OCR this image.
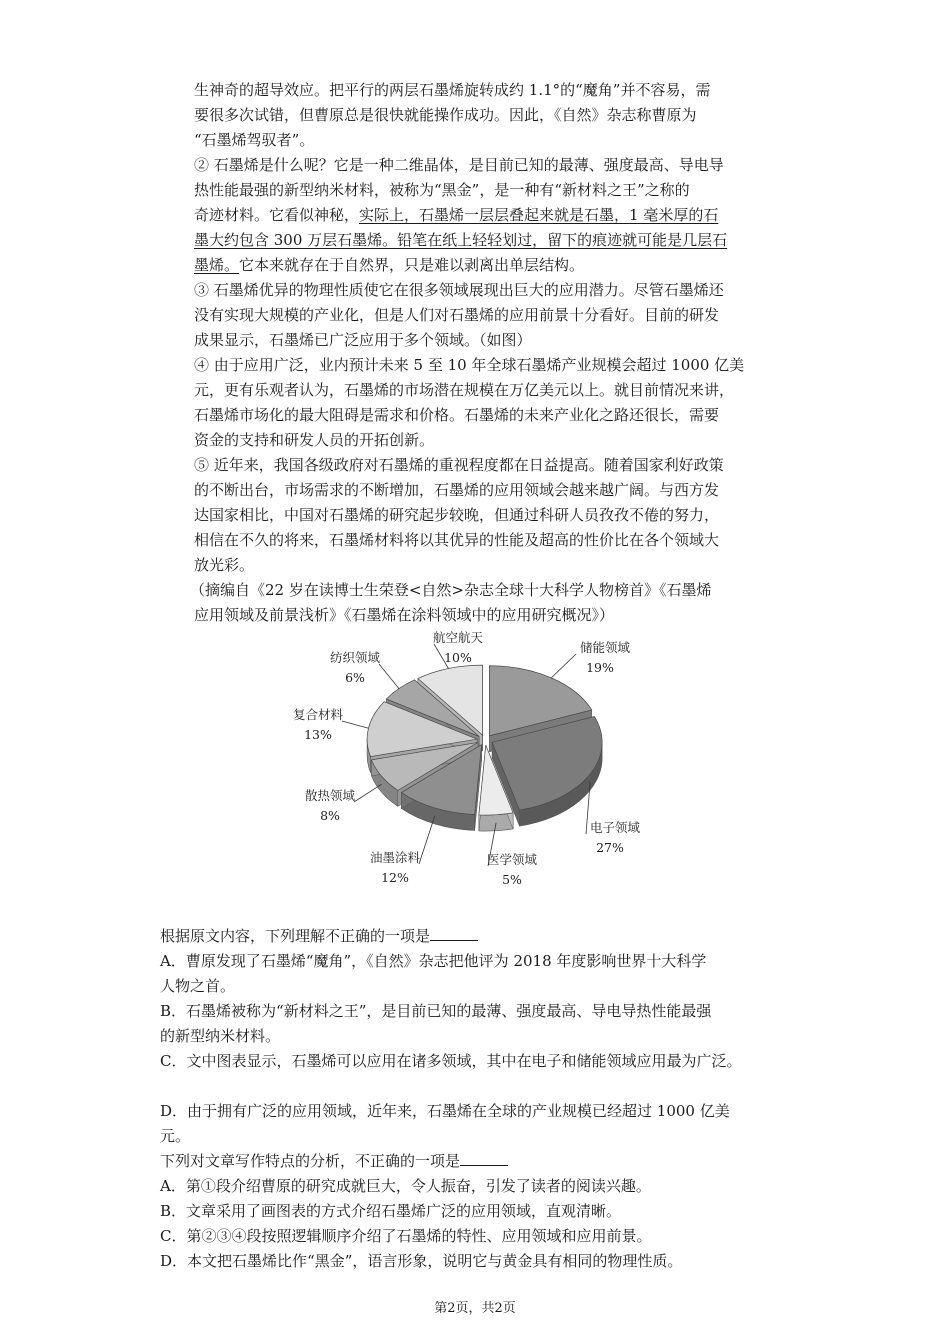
生神奇的超导效应。把平行的两层石墨烯旋转成约 1.1°的“魔角”并不容易，需
要很多次试错，但曹原总是很快就能操作成功。因此，《自然》杂志称曹原为
“石墨烯驾驭者”。
② 石墨烯是什么呢？它是一种二维晶体，是目前已知的最薄、强度最高、导电导
热性能最强的新型纳米材料，被称为“黑金”，是一种有“新材料之王”之称的
奇迹材料。它看似神秘，实际上，石墨烯一层层叠起来就是石墨，1 毫米厚的石
墨大约包含 300 万层石墨烯。铅笔在纸上轻轻划过，留下的痕迹就可能是几层石
墨烯。它本来就存在于自然界，只是难以剥离出单层结构。
③ 石墨烯优异的物理性质使它在很多领域展现出巨大的应用潜力。尽管石墨烯还
没有实现大规模的产业化，但是人们对石墨烯的应用前景十分看好。目前的研发
成果显示，石墨烯已广泛应用于多个领域。（如图）
④ 由于应用广泛，业内预计未来 5 至 10 年全球石墨烯产业规模会超过 1000 亿美
元，更有乐观者认为，石墨烯的市场潜在规模在万亿美元以上。就目前情况来讲，
石墨烯市场化的最大阻碍是需求和价格。石墨烯的未来产业化之路还很长，需要
资金的支持和研发人员的开拓创新。
⑤ 近年来，我国各级政府对石墨烯的重视程度都在日益提高。随着国家利好政策
的不断出台，市场需求的不断增加，石墨烯的应用领域会越来越广阔。与西方发
达国家相比，中国对石墨烯的研究起步较晚，但通过科研人员孜孜不倦的努力，
相信在不久的将来，石墨烯材料将以其优异的性能及超高的性价比在各个领域大
放光彩。
（摘编自《22 岁在读博士生荣登<自然>杂志全球十大科学人物榜首》《石墨烯
应用领域及前景浅析》《石墨烯在涂料领域中的应用研究概况》）
储能领域
19%
电子领域
27%
医学领域
5%
油墨涂料
12%
散热领域
8%
复合材料
13%
纺织领域
6%
航空航天
10%
根据原文内容，下列理解不正确的一项是
A．曹原发现了石墨烯“魔角”，《自然》杂志把他评为 2018 年度影响世界十大科学
人物之首。
B．石墨烯被称为“新材料之王”，是目前已知的最薄、强度最高、导电导热性能最强
的新型纳米材料。
C．文中图表显示，石墨烯可以应用在诸多领域，其中在电子和储能领域应用最为广泛。
D．由于拥有广泛的应用领域，近年来，石墨烯在全球的产业规模已经超过 1000 亿美
元。
下列对文章写作特点的分析，不正确的一项是
A．第①段介绍曹原的研究成就巨大，令人振奋，引发了读者的阅读兴趣。
B．文章采用了画图表的方式介绍石墨烯广泛的应用领域，直观清晰。
C．第②③④段按照逻辑顺序介绍了石墨烯的特性、应用领域和应用前景。
D．本文把石墨烯比作“黑金”，语言形象，说明它与黄金具有相同的物理性质。
第2页，共2页
